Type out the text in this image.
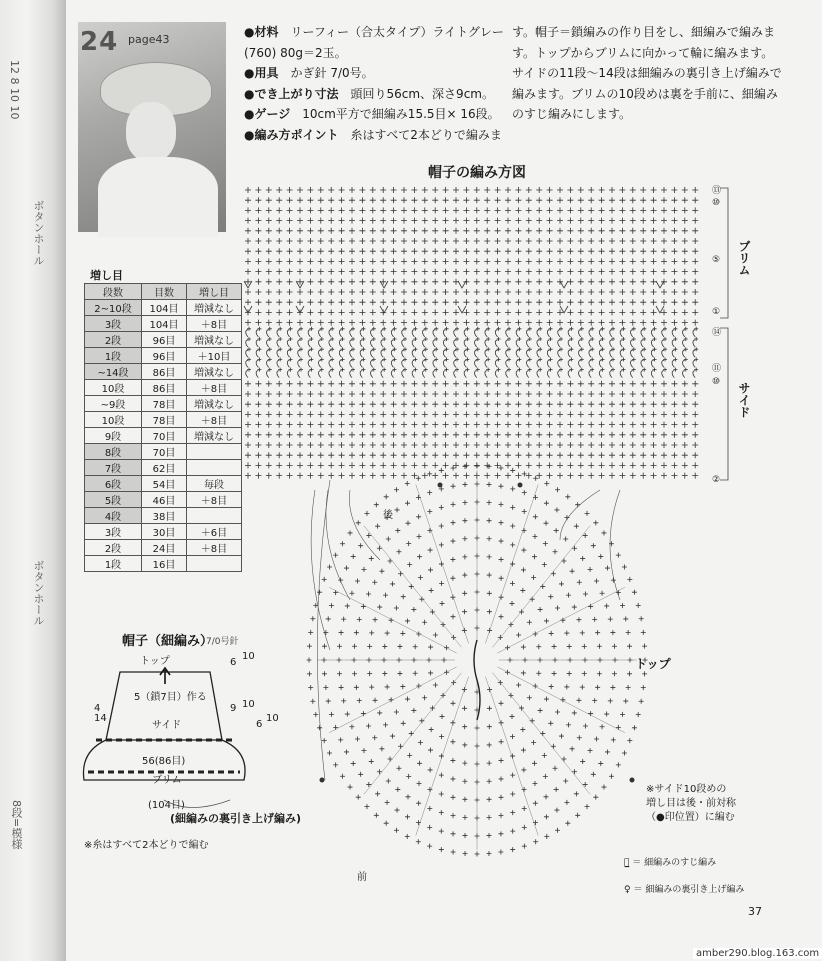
12 8 10 10
ボタンホール
ボタンホール
8段=模様
24 page43
●材料　 リーフィー（合太タイプ）ライトグレー(760) 80g＝2玉。
●用具　 かぎ針 7/0号。
●でき上がり寸法　 頭回り56cm、深さ9cm。
●ゲージ　 10cm平方で細編み15.5目× 16段。
●編み方ポイント　 糸はすべて2本どりで編みま
す。帽子＝鎖編みの作り目をし、細編みで編みます。トップからブリムに向かって輪に編みます。サイドの11段～14段は細編みの裏引き上げ編みで編みます。ブリムの10段めは裏を手前に、細編みのすじ編みにします。
帽子の編み方図
増し目
段数	目数	増し目
2~10段	104目	増減なし
3段	104目	＋8目
2段	96目	増減なし
1段	96目	＋10目
~14段	86目	増減なし
10段	86目	＋8目
~9段	78目	増減なし
10段	78目	＋8目
9段	70目	増減なし
8段	70目	
7段	62目	
6段	54目	毎段
5段	46目	＋8目
4段	38目	
3段	30目	＋6目
2段	24目	＋8目
1段	16目	
帽子（細編み）
7/0号針
トップ
5（鎖7目）作る
サイド
56(86目)
ブリム
(104目)
(細編みの裏引き上げ編み)
6
10
9 10
6
10
4
14
※糸はすべて2本どりで編む
ブリム
サイド
トップ
後
前
⑬
⑩
⑤
①
⑭
⑪
⑩
②
※サイド10段めの
増し目は後・前対称
（●印位置）に編む
＋̲ ＝ 細編みのすじ編み
♀ ＝ 細編みの裏引き上げ編み
37
amber290.blog.163.com
